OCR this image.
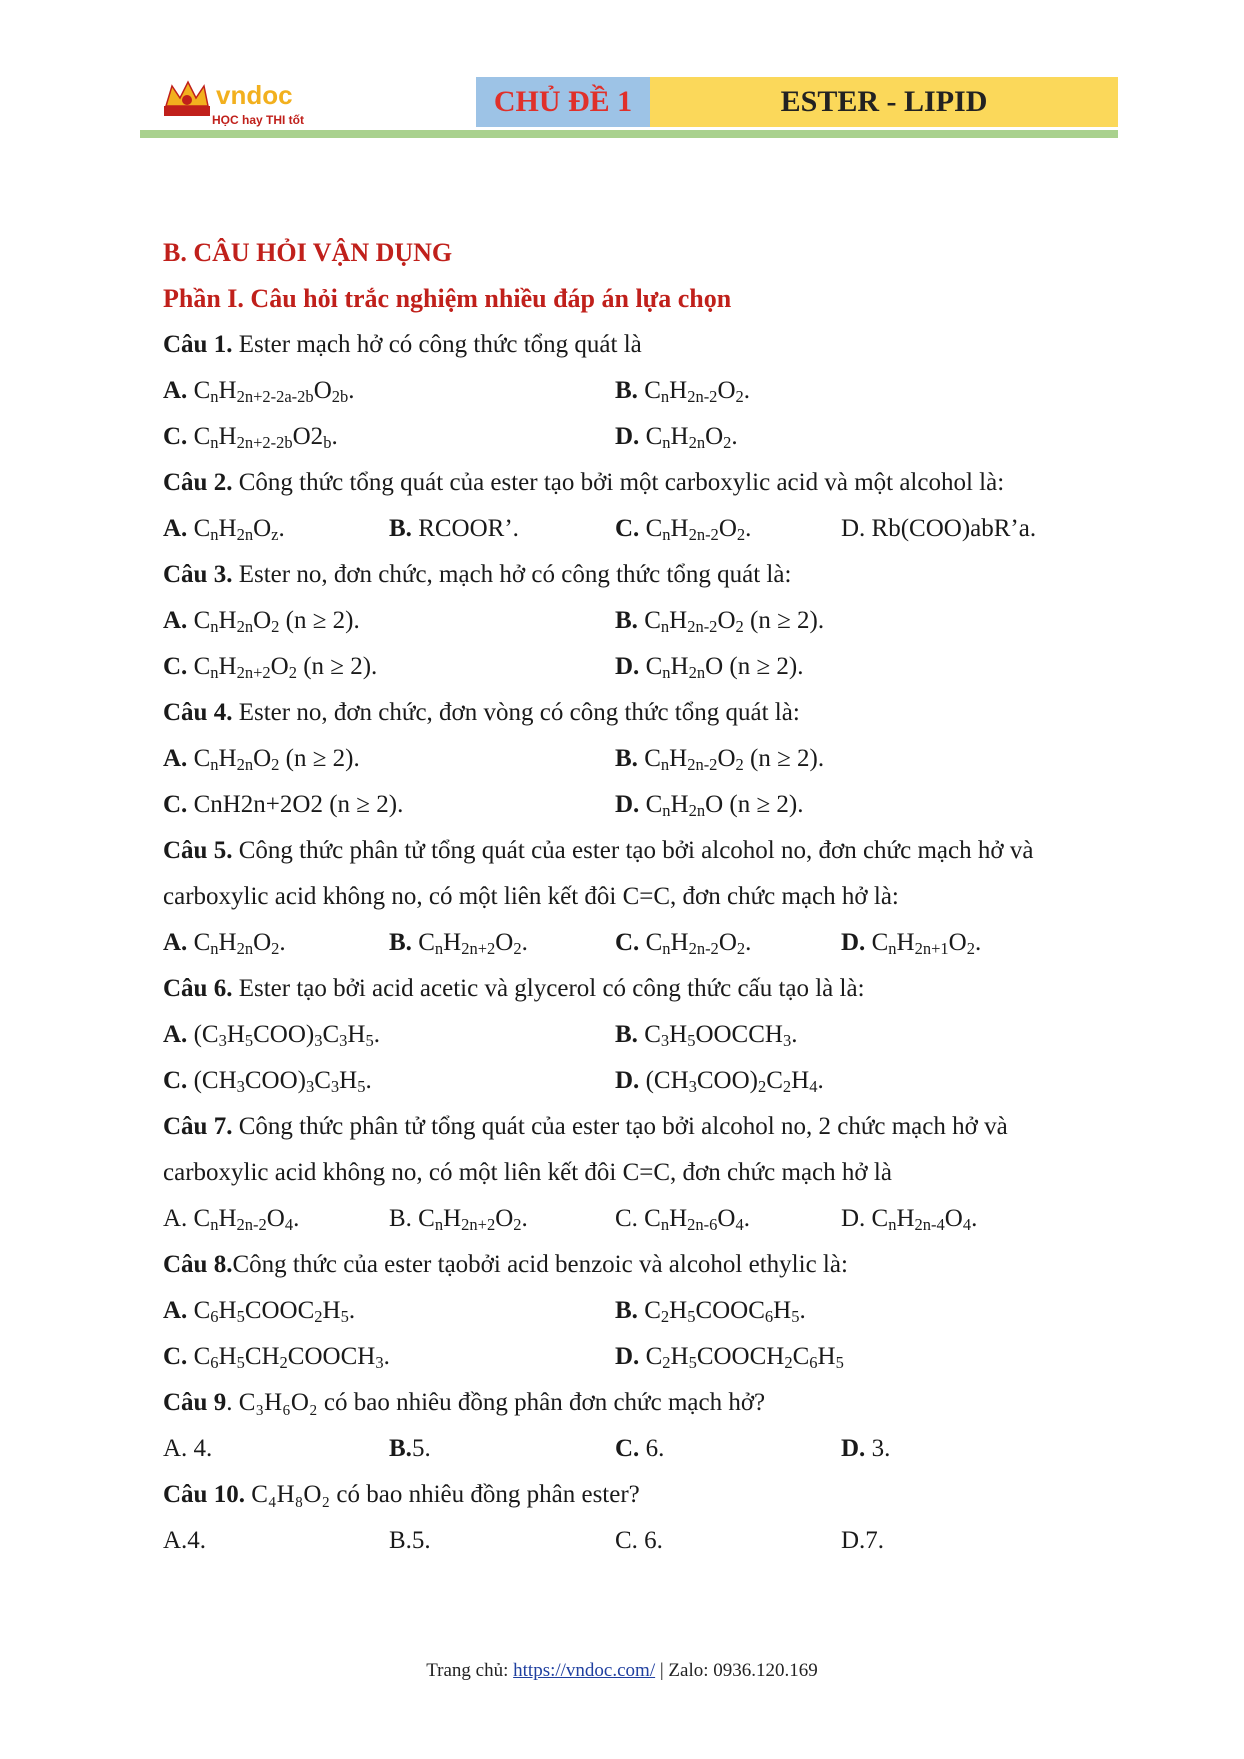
vndoc
HỌC hay THI tốt
CHỦ ĐỀ 1	ESTER - LIPID
B. CÂU HỎI VẬN DỤNG
Phần I. Câu hỏi trắc nghiệm nhiều đáp án lựa chọn
Câu 1. Ester mạch hở có công thức tổng quát là
A. $C_nH_{2n+2-2a-2b}O_{2b}$.	B. $C_nH_{2n-2}O_2$.
C. $C_nH_{2n+2-2b}O2_b$.	D. $C_nH_{2n}O_2$.
Câu 2. Công thức tổng quát của ester tạo bởi một carboxylic acid và một alcohol là:
A. $C_nH_{2n}O_z$.	B. RCOOR’.	C. $C_nH_{2n-2}O_2$.	D. Rb(COO)abR’a.
Câu 3. Ester no, đơn chức, mạch hở có công thức tổng quát là:
A. $C_nH_{2n}O_2$ (n ≥ 2).	B. $C_nH_{2n-2}O_2$ (n ≥ 2).
C. $C_nH_{2n+2}O_2$ (n ≥ 2).	D. $C_nH_{2n}O$ (n ≥ 2).
Câu 4. Ester no, đơn chức, đơn vòng có công thức tổng quát là:
A. $C_nH_{2n}O_2$ (n ≥ 2).	B. $C_nH_{2n-2}O_2$ (n ≥ 2).
C. CnH2n+2O2 (n ≥ 2).	D. $C_nH_{2n}O$ (n ≥ 2).
Câu 5. Công thức phân tử tổng quát của ester tạo bởi alcohol no, đơn chức mạch hở và
carboxylic acid không no, có một liên kết đôi C=C, đơn chức mạch hở là:
A. $C_nH_{2n}O_2$.	B. $C_nH_{2n+2}O_2$.	C. $C_nH_{2n-2}O_2$.	D. $C_nH_{2n+1}O_2$.
Câu 6. Ester tạo bởi acid acetic và glycerol có công thức cấu tạo là là:
A. $(C_3H_5COO)_3C_3H_5$.	B. $C_3H_5OOCCH_3$.
C. $(CH_3COO)_3C_3H_5$.	D. $(CH_3COO)_2C_2H_4$.
Câu 7. Công thức phân tử tổng quát của ester tạo bởi alcohol no, 2 chức mạch hở và
carboxylic acid không no, có một liên kết đôi C=C, đơn chức mạch hở là
A. $C_nH_{2n-2}O_4$.	B. $C_nH_{2n+2}O_2$.	C. $C_nH_{2n-6}O_4$.	D. $C_nH_{2n-4}O_4$.
Câu 8.Công thức của ester tạobởi acid benzoic và alcohol ethylic là:
A. $C_6H_5COOC_2H_5$.	B. $C_2H_5COOC_6H_5$.
C. $C_6H_5CH_2COOCH_3$.	D. $C_2H_5COOCH_2C_6H_5$
Câu 9. C₃H₆O₂ có bao nhiêu đồng phân đơn chức mạch hở?
A. 4.	B.5.	C. 6.	D. 3.
Câu 10. C₄H₈O₂ có bao nhiêu đồng phân ester?
A.4.	B.5.	C. 6.	D.7.
Trang chủ: https://vndoc.com/ | Zalo: 0936.120.169
